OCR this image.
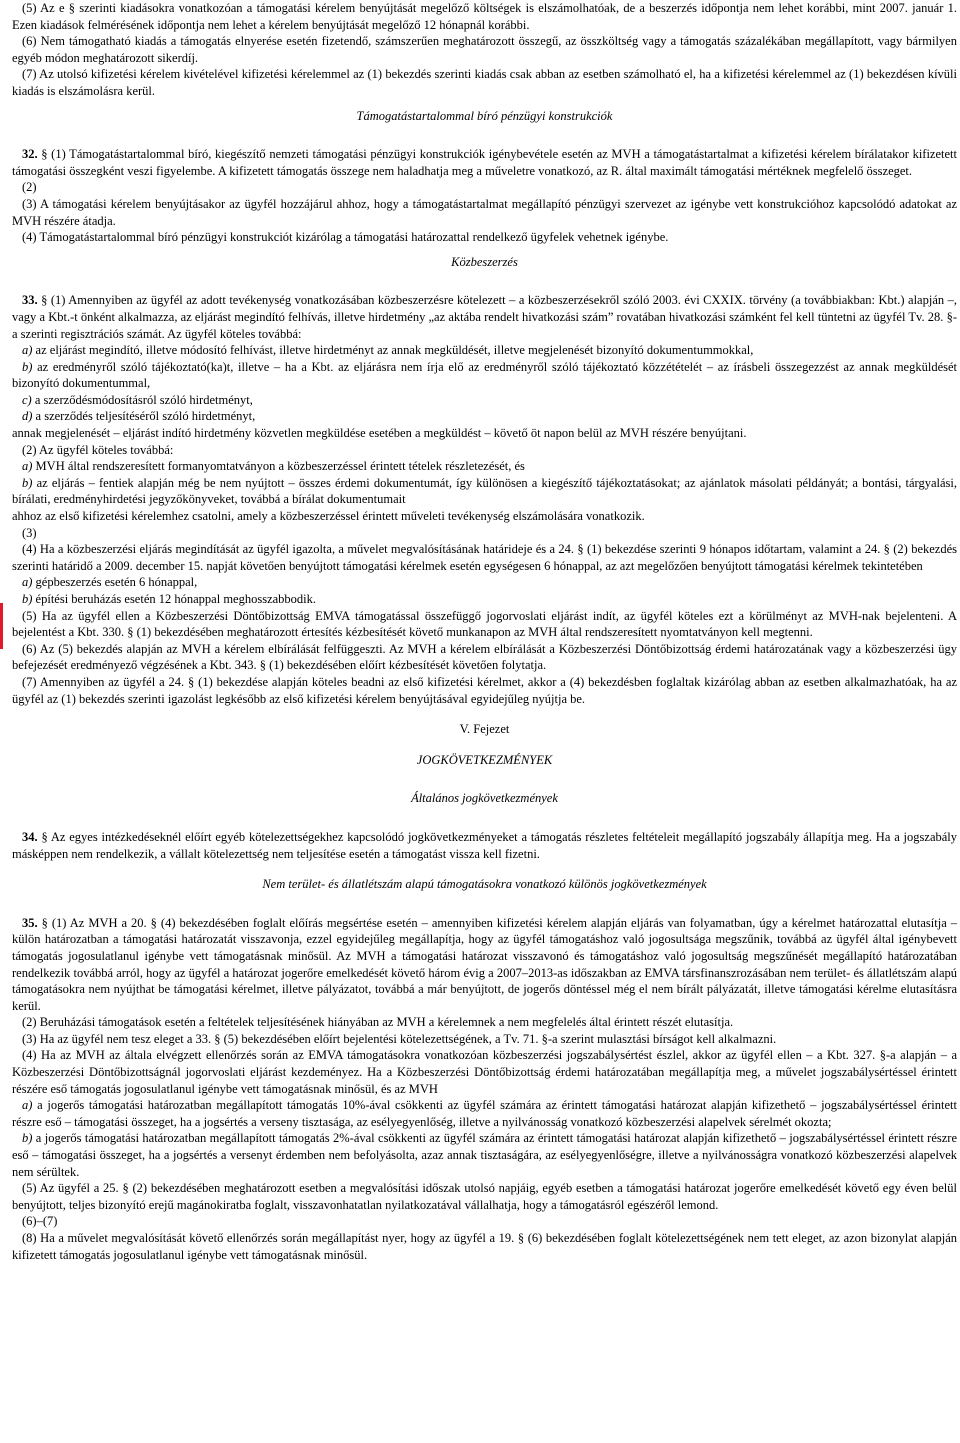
(5) Az e § szerinti kiadásokra vonatkozóan a támogatási kérelem benyújtását megelőző költségek is elszámolhatóak, de a beszerzés időpontja nem lehet korábbi, mint 2007. január 1. Ezen kiadások felmérésének időpontja nem lehet a kérelem benyújtását megelőző 12 hónapnál korábbi.

(6) Nem támogatható kiadás a támogatás elnyerése esetén fizetendő, számszerűen meghatározott összegű, az összköltség vagy a támogatás százalékában megállapított, vagy bármilyen egyéb módon meghatározott sikerdíj.

(7) Az utolsó kifizetési kérelem kivételével kifizetési kérelemmel az (1) bekezdés szerinti kiadás csak abban az esetben számolható el, ha a kifizetési kérelemmel az (1) bekezdésen kívüli kiadás is elszámolásra kerül.

Támogatástartalommal bíró pénzügyi konstrukciók

32. § (1) Támogatástartalommal bíró, kiegészítő nemzeti támogatási pénzügyi konstrukciók igénybevétele esetén az MVH a támogatástartalmat a kifizetési kérelem bírálatakor kifizetett támogatási összegként veszi figyelembe. A kifizetett támogatás összege nem haladhatja meg a műveletre vonatkozó, az R. által maximált támogatási mértéknek megfelelő összeget.

(2)

(3) A támogatási kérelem benyújtásakor az ügyfél hozzájárul ahhoz, hogy a támogatástartalmat megállapító pénzügyi szervezet az igénybe vett konstrukcióhoz kapcsolódó adatokat az MVH részére átadja.

(4) Támogatástartalommal bíró pénzügyi konstrukciót kizárólag a támogatási határozattal rendelkező ügyfelek vehetnek igénybe.

Közbeszerzés

33. § (1) Amennyiben az ügyfél az adott tevékenység vonatkozásában közbeszerzésre kötelezett – a közbeszerzésekről szóló 2003. évi CXXIX. törvény (a továbbiakban: Kbt.) alapján –, vagy a Kbt.-t önként alkalmazza, az eljárást megindító felhívás, illetve hirdetmény „az aktába rendelt hivatkozási szám” rovatában hivatkozási számként fel kell tüntetni az ügyfél Tv. 28. §-a szerinti regisztrációs számát. Az ügyfél köteles továbbá:

a) az eljárást megindító, illetve módosító felhívást, illetve hirdetményt az annak megküldését, illetve megjelenését bizonyító dokumentummokkal,

b) az eredményről szóló tájékoztató(ka)t, illetve – ha a Kbt. az eljárásra nem írja elő az eredményről szóló tájékoztató közzétételét – az írásbeli összegezzést az annak megküldését bizonyító dokumentummal,

c) a szerződésmódosításról szóló hirdetményt,

d) a szerződés teljesítéséről szóló hirdetményt,

annak megjelenését – eljárást indító hirdetmény közvetlen megküldése esetében a megküldést – követő öt napon belül az MVH részére benyújtani.

(2) Az ügyfél köteles továbbá:

a) MVH által rendszeresített formanyomtatványon a közbeszerzéssel érintett tételek részletezését, és

b) az eljárás – fentiek alapján még be nem nyújtott – összes érdemi dokumentumát, így különösen a kiegészítő tájékoztatásokat; az ajánlatok másolati példányát; a bontási, tárgyalási, bírálati, eredményhirdetési jegyzőkönyveket, továbbá a bírálat dokumentumait

ahhoz az első kifizetési kérelemhez csatolni, amely a közbeszerzéssel érintett műveleti tevékenység elszámolására vonatkozik.

(3)

(4) Ha a közbeszerzési eljárás megindítását az ügyfél igazolta, a művelet megvalósításának határideje és a 24. § (1) bekezdése szerinti 9 hónapos időtartam, valamint a 24. § (2) bekezdés szerinti határidő a 2009. december 15. napját követően benyújtott támogatási kérelmek esetén egységesen 6 hónappal, az azt megelőzően benyújtott támogatási kérelmek tekintetében

a) gépbeszerzés esetén 6 hónappal,

b) építési beruházás esetén 12 hónappal meghosszabbodik.

(5) Ha az ügyfél ellen a Közbeszerzési Döntőbizottság EMVA támogatással összefüggő jogorvoslati eljárást indít, az ügyfél köteles ezt a körülményt az MVH-nak bejelenteni. A bejelentést a Kbt. 330. § (1) bekezdésében meghatározott értesítés kézbesítését követő munkanapon az MVH által rendszeresített nyomtatványon kell megtenni.

(6) Az (5) bekezdés alapján az MVH a kérelem elbírálását felfüggeszti. Az MVH a kérelem elbírálását a Közbeszerzési Döntőbizottság érdemi határozatának vagy a közbeszerzési ügy befejezését eredményező végzésének a Kbt. 343. § (1) bekezdésében előírt kézbesítését követően folytatja.

(7) Amennyiben az ügyfél a 24. § (1) bekezdése alapján köteles beadni az első kifizetési kérelmet, akkor a (4) bekezdésben foglaltak kizárólag abban az esetben alkalmazhatóak, ha az ügyfél az (1) bekezdés szerinti igazolást legkésőbb az első kifizetési kérelem benyújtásával egyidejűleg nyújtja be.

V. Fejezet

JOGKÖVETKEZMÉNYEK

Általános jogkövetkezmények

34. § Az egyes intézkedéseknél előírt egyéb kötelezettségekhez kapcsolódó jogkövetkezményeket a támogatás részletes feltételeit megállapító jogszabály állapítja meg. Ha a jogszabály másképpen nem rendelkezik, a vállalt kötelezettség nem teljesítése esetén a támogatást vissza kell fizetni.

Nem terület- és állatlétszám alapú támogatásokra vonatkozó különös jogkövetkezmények

35. § (1) Az MVH a 20. § (4) bekezdésében foglalt előírás megsértése esetén – amennyiben kifizetési kérelem alapján eljárás van folyamatban, úgy a kérelmet határozattal elutasítja – külön határozatban a támogatási határozatát visszavonja, ezzel egyidejűleg megállapítja, hogy az ügyfél támogatáshoz való jogosultsága megszűnik, továbbá az ügyfél által igénybevett támogatás jogosulatlanul igénybe vett támogatásnak minősül. Az MVH a támogatási határozat visszavonó és támogatáshoz való jogosultság megszűnését megállapító határozatában rendelkezik továbbá arról, hogy az ügyfél a határozat jogerőre emelkedését követő három évig a 2007–2013-as időszakban az EMVA társfinanszrozásában nem terület- és állatlétszám alapú támogatásokra nem nyújthat be támogatási kérelmet, illetve pályázatot, továbbá a már benyújtott, de jogerős döntéssel még el nem bírált pályázatát, illetve támogatási kérelme elutasításra kerül.

(2) Beruházási támogatások esetén a feltételek teljesítésének hiányában az MVH a kérelemnek a nem megfelelés által érintett részét elutasítja.

(3) Ha az ügyfél nem tesz eleget a 33. § (5) bekezdésében előírt bejelentési kötelezettségének, a Tv. 71. §-a szerint mulasztási bírságot kell alkalmazni.

(4) Ha az MVH az általa elvégzett ellenőrzés során az EMVA támogatásokra vonatkozóan közbeszerzési jogszabálysértést észlel, akkor az ügyfél ellen – a Kbt. 327. §-a alapján – a Közbeszerzési Döntőbizottságnál jogorvoslati eljárást kezdeményez. Ha a Közbeszerzési Döntőbizottság érdemi határozatában megállapítja meg, a művelet jogszabálysértéssel érintett részére eső támogatás jogosulatlanul igénybe vett támogatásnak minősül, és az MVH

a) a jogerős támogatási határozatban megállapított támogatás 10%-ával csökkenti az ügyfél számára az érintett támogatási határozat alapján kifizethető – jogszabálysértéssel érintett részre eső – támogatási összeget, ha a jogsértés a verseny tisztasága, az esélyegyenlőség, illetve a nyilvánosság vonatkozó közbeszerzési alapelvek sérelmét okozta;

b) a jogerős támogatási határozatban megállapított támogatás 2%-ával csökkenti az ügyfél számára az érintett támogatási határozat alapján kifizethető – jogszabálysértéssel érintett részre eső – támogatási összeget, ha a jogsértés a versenyt érdemben nem befolyásolta, azaz annak tisztaságára, az esélyegyenlőségre, illetve a nyilvánosságra vonatkozó közbeszerzési alapelvek nem sérültek.

(5) Az ügyfél a 25. § (2) bekezdésében meghatározott esetben a megvalósítási időszak utolsó napjáig, egyéb esetben a támogatási határozat jogerőre emelkedését követő egy éven belül benyújtott, teljes bizonyító erejű magánokiratba foglalt, visszavonhatatlan nyilatkozatával vállalhatja, hogy a támogatásról egészéről lemond.

(6)–(7)

(8) Ha a művelet megvalósítását követő ellenőrzés során megállapítást nyer, hogy az ügyfél a 19. § (6) bekezdésében foglalt kötelezettségének nem tett eleget, az azon bizonylat alapján kifizetett támogatás jogosulatlanul igénybe vett támogatásnak minősül.
